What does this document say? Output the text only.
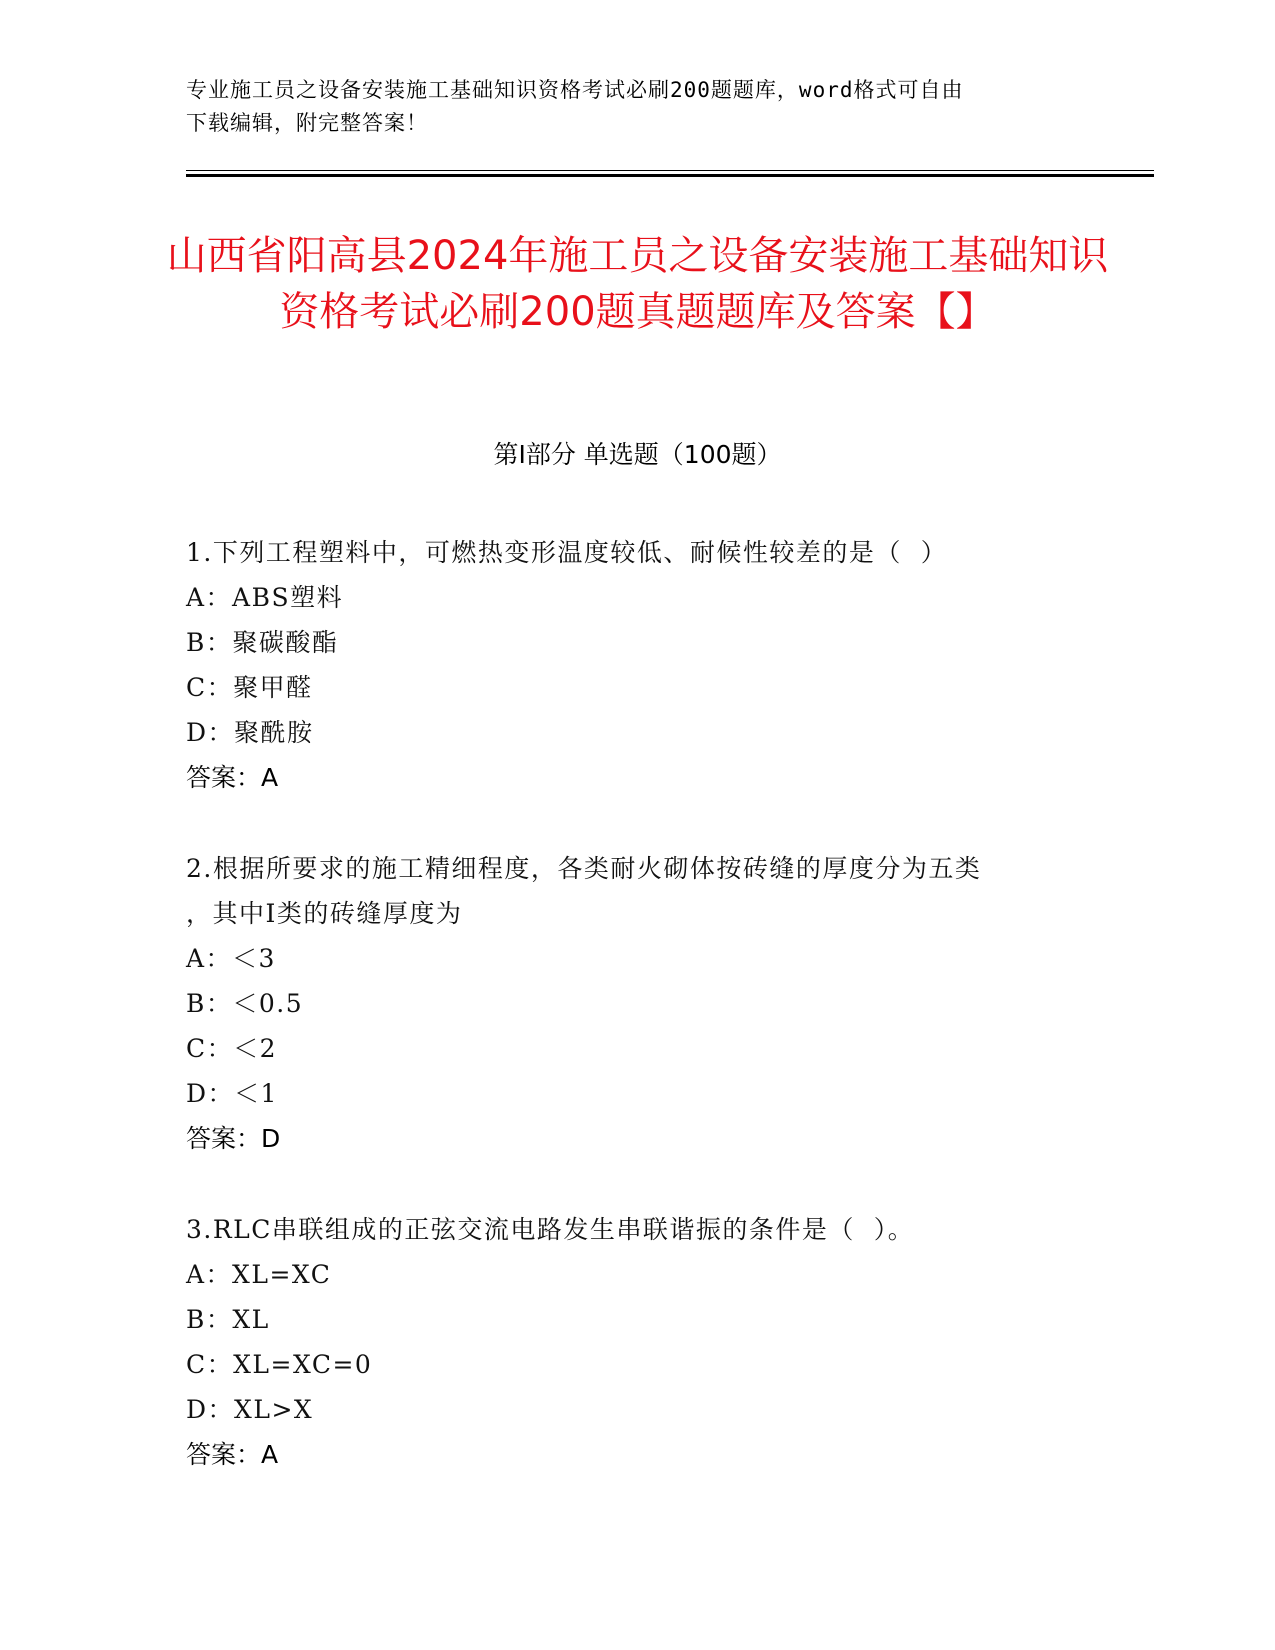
专业施工员之设备安装施工基础知识资格考试必刷200题题库，word格式可自由
下载编辑，附完整答案！
山西省阳高县2024年施工员之设备安装施工基础知识资格考试必刷200题真题题库及答案【】
第Ⅰ部分 单选题（100题）
1.下列工程塑料中，可燃热变形温度较低、耐候性较差的是（  ）
A：ABS塑料
B：聚碳酸酯
C：聚甲醛
D：聚酰胺
答案：A
2.根据所要求的施工精细程度，各类耐火砌体按砖缝的厚度分为五类
，其中Ⅰ类的砖缝厚度为
A：＜3
B：＜0.5
C：＜2
D：＜1
答案：D
3.RLC串联组成的正弦交流电路发生串联谐振的条件是（  ）。
A：XL=XC
B：XL
C：XL=XC=0
D：XL>X
答案：A
